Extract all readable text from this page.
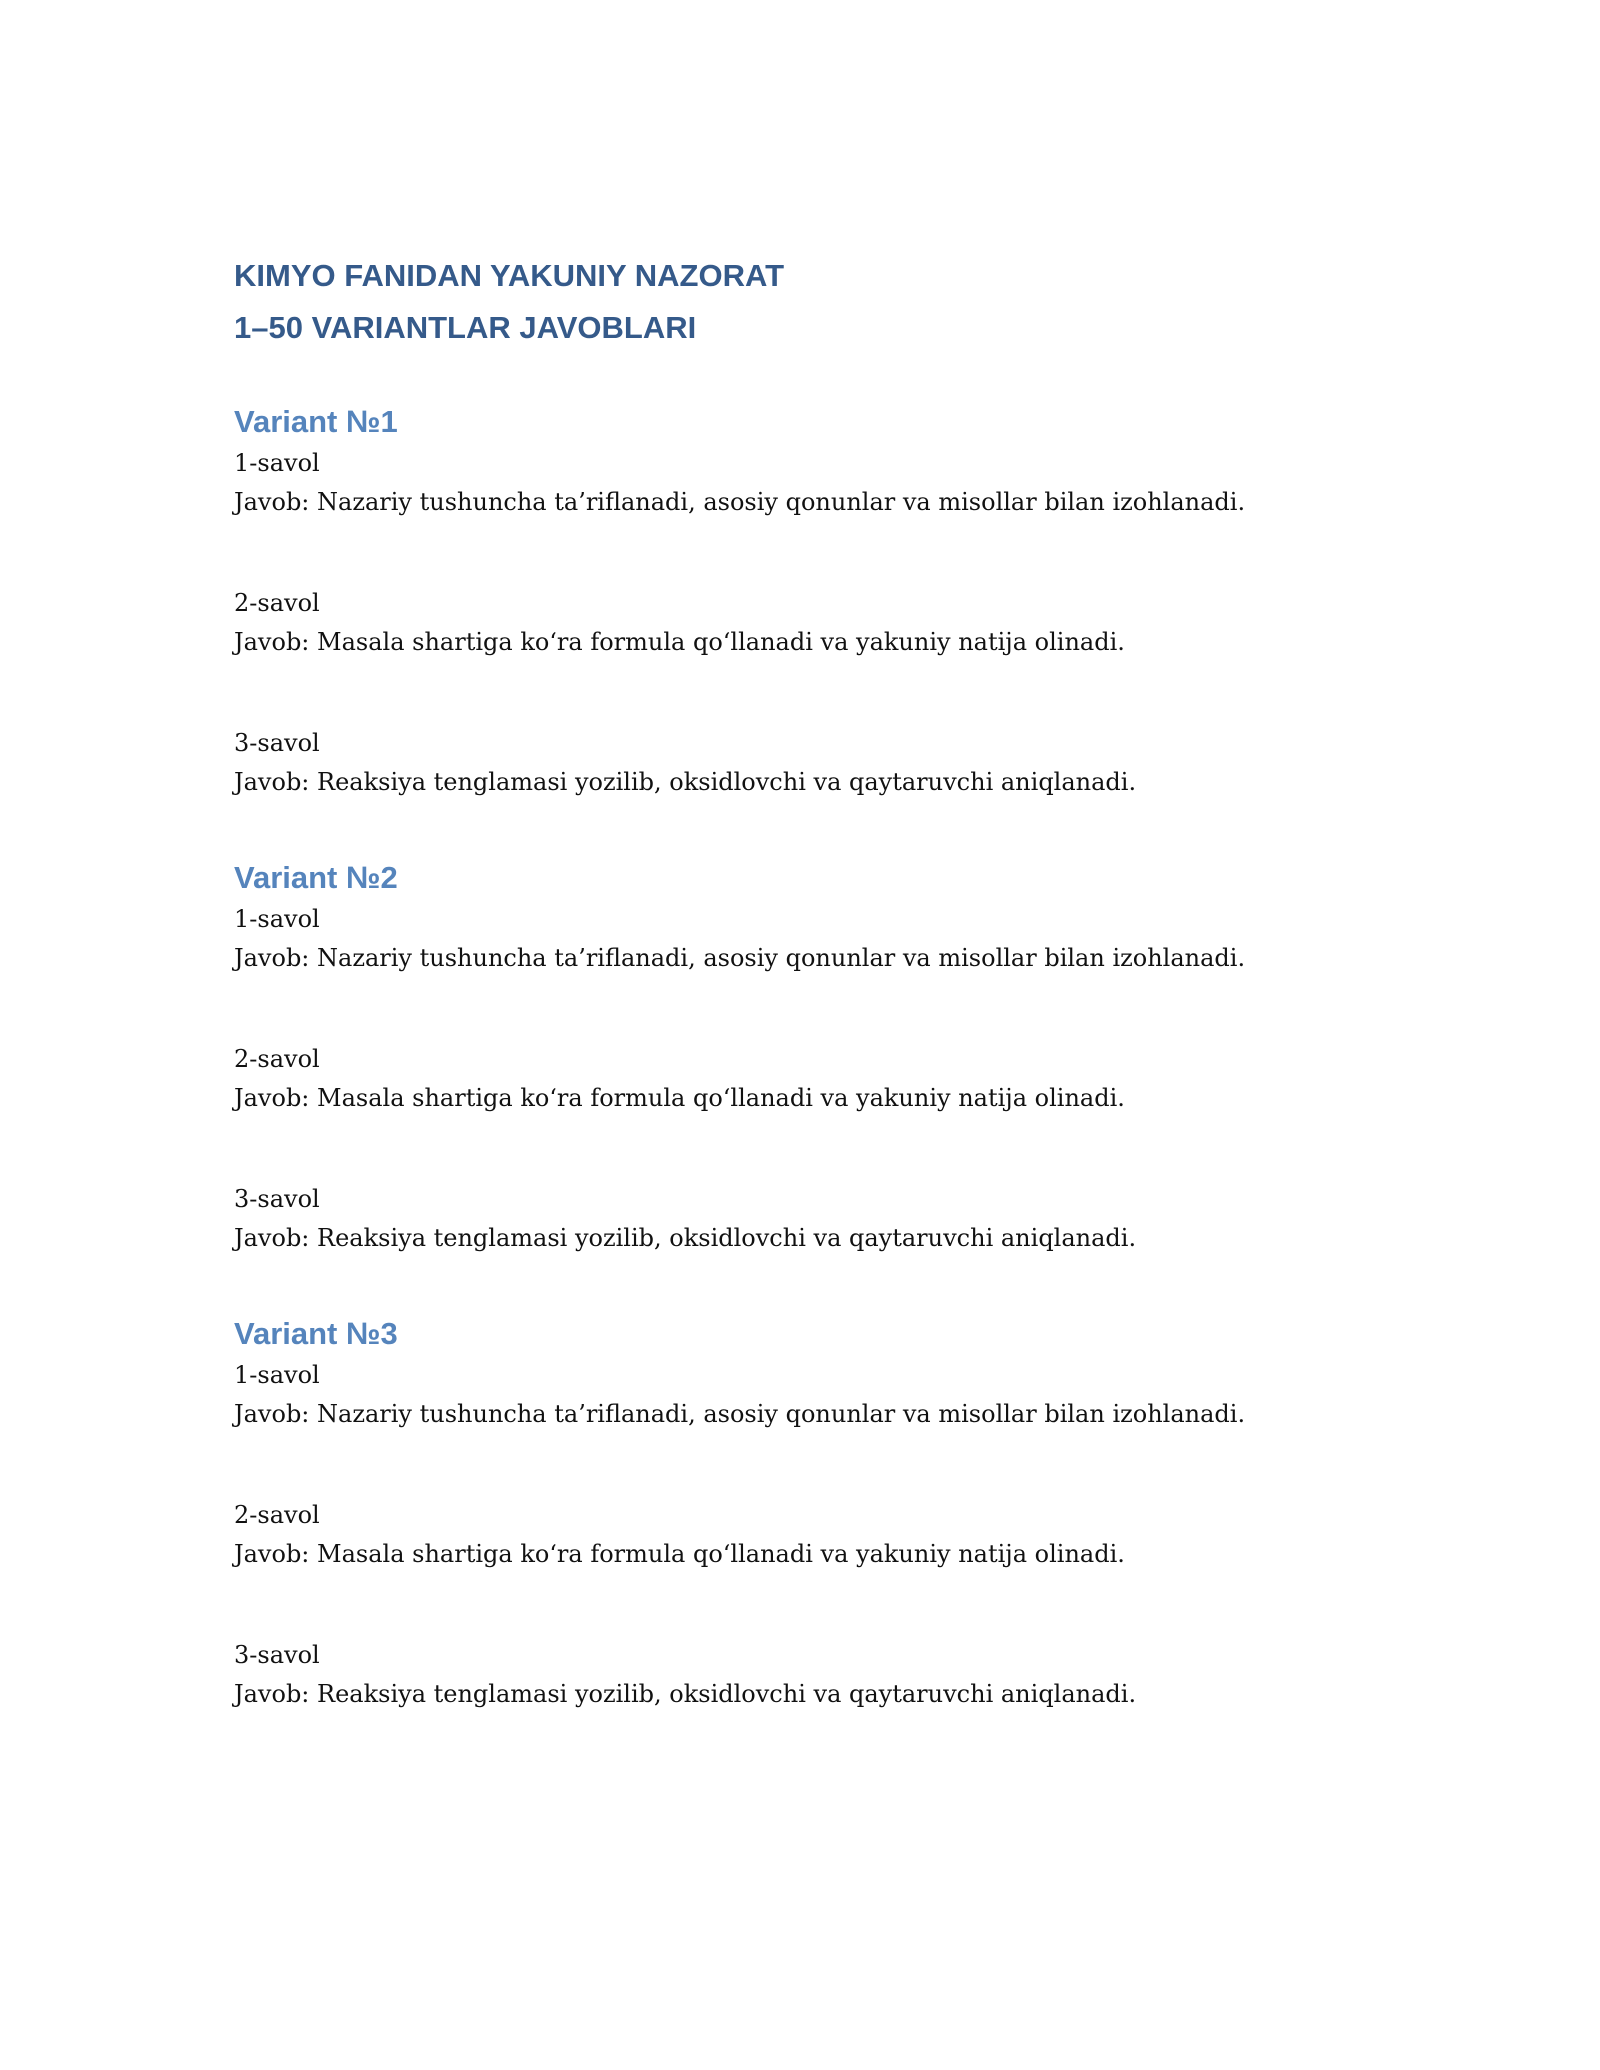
KIMYO FANIDAN YAKUNIY NAZORAT
1–50 VARIANTLAR JAVOBLARI
Variant №1
1-savol
Javob: Nazariy tushuncha ta’riflanadi, asosiy qonunlar va misollar bilan izohlanadi.
2-savol
Javob: Masala shartiga koʻra formula qoʻllanadi va yakuniy natija olinadi.
3-savol
Javob: Reaksiya tenglamasi yozilib, oksidlovchi va qaytaruvchi aniqlanadi.
Variant №2
1-savol
Javob: Nazariy tushuncha ta’riflanadi, asosiy qonunlar va misollar bilan izohlanadi.
2-savol
Javob: Masala shartiga koʻra formula qoʻllanadi va yakuniy natija olinadi.
3-savol
Javob: Reaksiya tenglamasi yozilib, oksidlovchi va qaytaruvchi aniqlanadi.
Variant №3
1-savol
Javob: Nazariy tushuncha ta’riflanadi, asosiy qonunlar va misollar bilan izohlanadi.
2-savol
Javob: Masala shartiga koʻra formula qoʻllanadi va yakuniy natija olinadi.
3-savol
Javob: Reaksiya tenglamasi yozilib, oksidlovchi va qaytaruvchi aniqlanadi.
